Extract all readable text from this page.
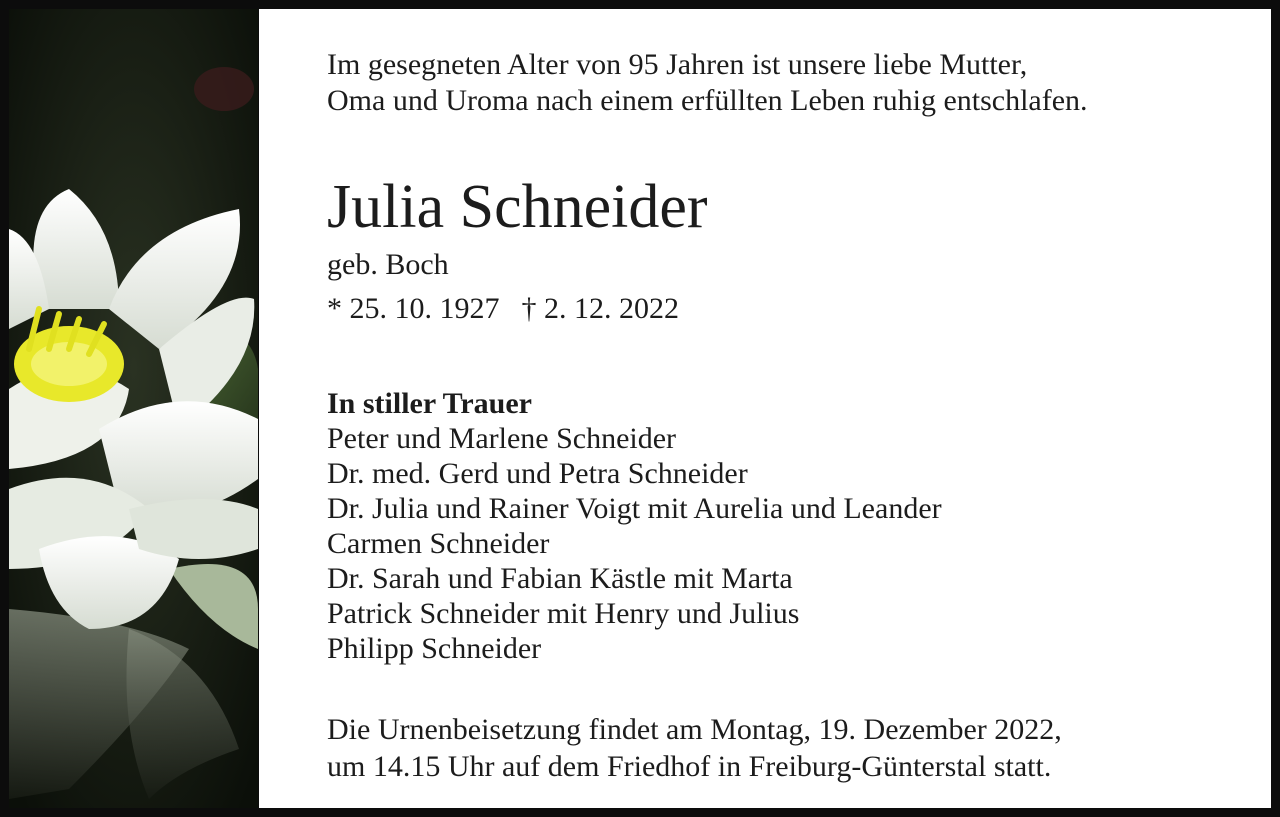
Im gesegneten Alter von 95 Jahren ist unsere liebe Mutter,
Oma und Uroma nach einem erfüllten Leben ruhig entschlafen.
Julia Schneider
geb. Boch
* 25. 10. 1927 † 2. 12. 2022
In stiller Trauer
Peter und Marlene Schneider
Dr. med. Gerd und Petra Schneider
Dr. Julia und Rainer Voigt mit Aurelia und Leander
Carmen Schneider
Dr. Sarah und Fabian Kästle mit Marta
Patrick Schneider mit Henry und Julius
Philipp Schneider
Die Urnenbeisetzung findet am Montag, 19. Dezember 2022,
um 14.15 Uhr auf dem Friedhof in Freiburg-Günterstal statt.
